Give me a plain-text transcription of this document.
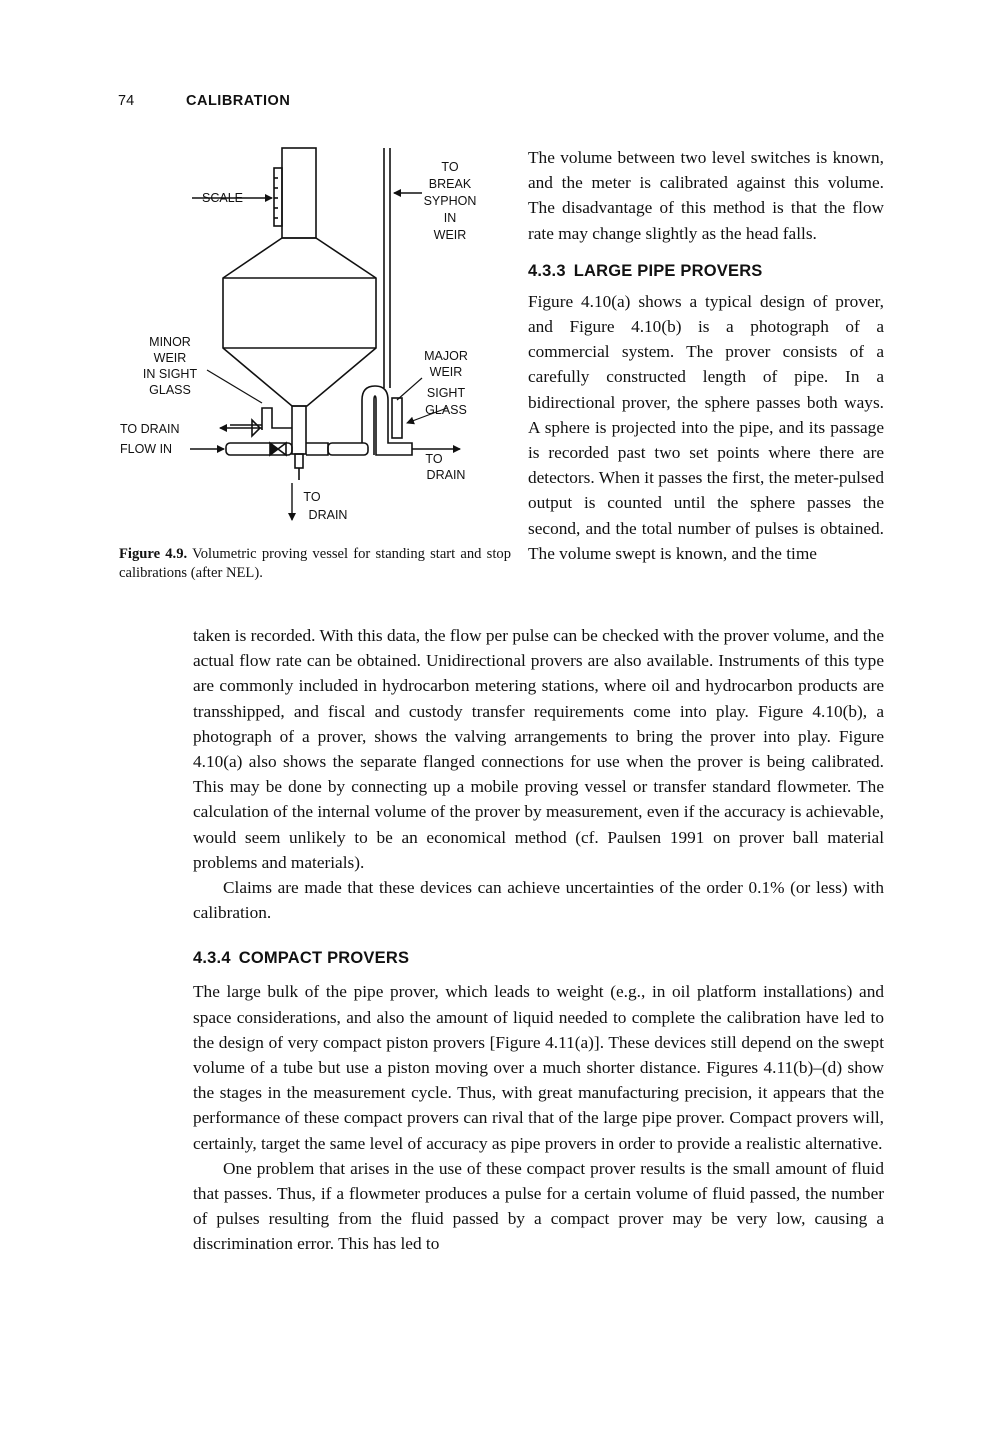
74	CALIBRATION
TO
BREAK
SYPHON
IN
WEIR
SCALE
MINOR
WEIR
IN SIGHT
GLASS
MAJOR
WEIR
SIGHT
GLASS
TO DRAIN
FLOW IN
TO
DRAIN
TO
DRAIN
Figure 4.9. Volumetric proving vessel for standing start and stop calibrations (after NEL).

The volume between two level switches is known, and the meter is calibrated against this volume. The disadvantage of this method is that the flow rate may change slightly as the head falls.

4.3.3 LARGE PIPE PROVERS

Figure 4.10(a) shows a typical design of prover, and Figure 4.10(b) is a photograph of a commercial system. The prover consists of a carefully constructed length of pipe. In a bidirectional prover, the sphere passes both ways. A sphere is projected into the pipe, and its passage is recorded past two set points where there are detectors. When it passes the first, the meter-pulsed output is counted until the sphere passes the second, and the total number of pulses is obtained. The volume swept is known, and the time

taken is recorded. With this data, the flow per pulse can be checked with the prover volume, and the actual flow rate can be obtained. Unidirectional provers are also available. Instruments of this type are commonly included in hydrocarbon metering stations, where oil and hydrocarbon products are transshipped, and fiscal and custody transfer requirements come into play. Figure 4.10(b), a photograph of a prover, shows the valving arrangements to bring the prover into play. Figure 4.10(a) also shows the separate flanged connections for use when the prover is being calibrated. This may be done by connecting up a mobile proving vessel or transfer standard flowmeter. The calculation of the internal volume of the prover by measurement, even if the accuracy is achievable, would seem unlikely to be an economical method (cf. Paulsen 1991 on prover ball material problems and materials).

Claims are made that these devices can achieve uncertainties of the order 0.1% (or less) with calibration.

4.3.4 COMPACT PROVERS

The large bulk of the pipe prover, which leads to weight (e.g., in oil platform installations) and space considerations, and also the amount of liquid needed to complete the calibration have led to the design of very compact piston provers [Figure 4.11(a)]. These devices still depend on the swept volume of a tube but use a piston moving over a much shorter distance. Figures 4.11(b)–(d) show the stages in the measurement cycle. Thus, with great manufacturing precision, it appears that the performance of these compact provers can rival that of the large pipe prover. Compact provers will, certainly, target the same level of accuracy as pipe provers in order to provide a realistic alternative.

One problem that arises in the use of these compact prover results is the small amount of fluid that passes. Thus, if a flowmeter produces a pulse for a certain volume of fluid passed, the number of pulses resulting from the fluid passed by a compact prover may be very low, causing a discrimination error. This has led to
